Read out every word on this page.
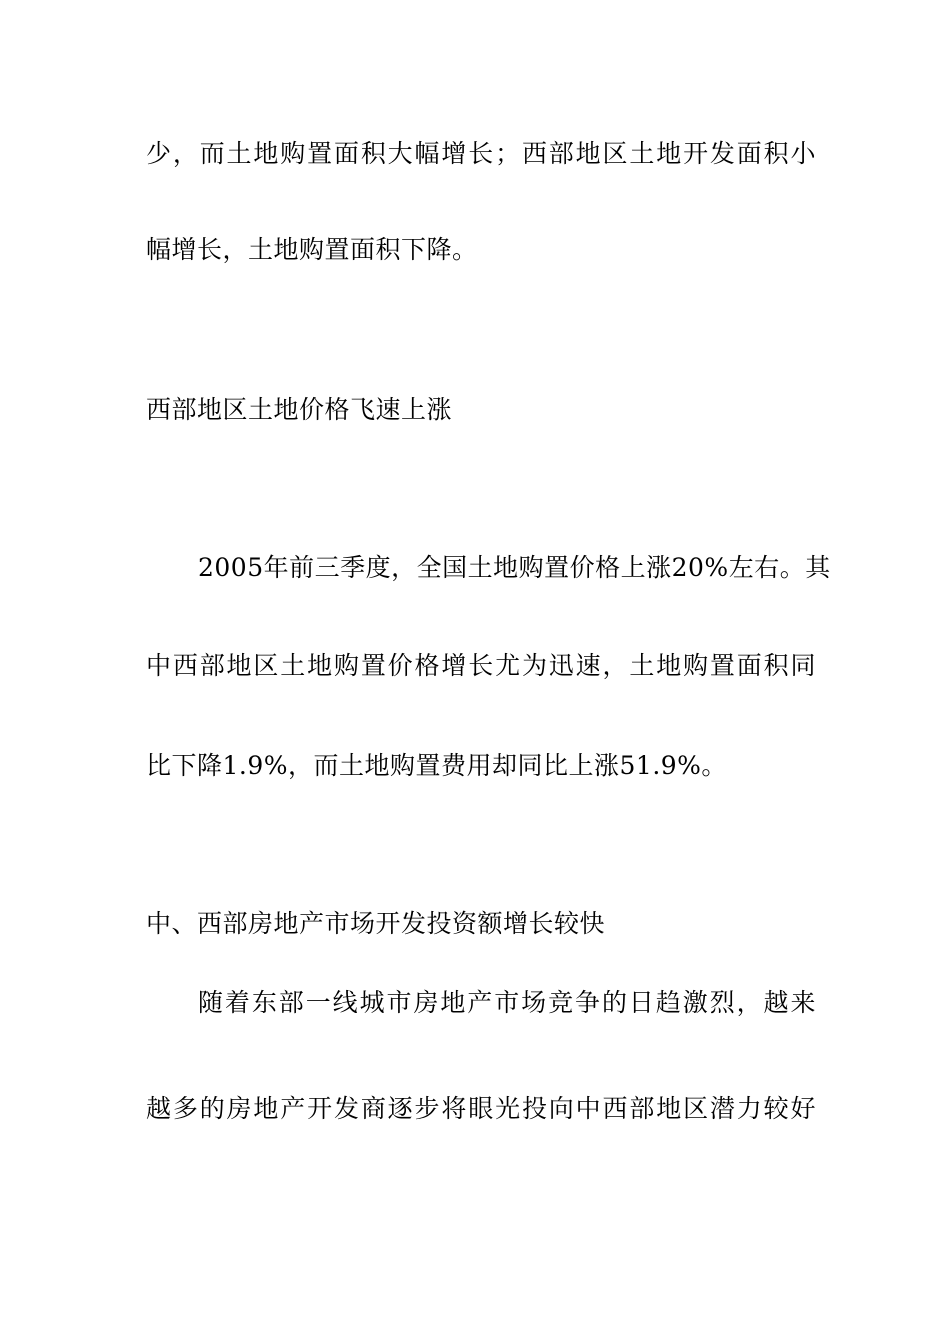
少，而土地购置面积大幅增长；西部地区土地开发面积小
幅增长，土地购置面积下降。
西部地区土地价格飞速上涨
2005年前三季度，全国土地购置价格上涨20%左右。其
中西部地区土地购置价格增长尤为迅速，土地购置面积同
比下降1.9%，而土地购置费用却同比上涨51.9%。
中、西部房地产市场开发投资额增长较快
随着东部一线城市房地产市场竞争的日趋激烈，越来
越多的房地产开发商逐步将眼光投向中西部地区潜力较好
